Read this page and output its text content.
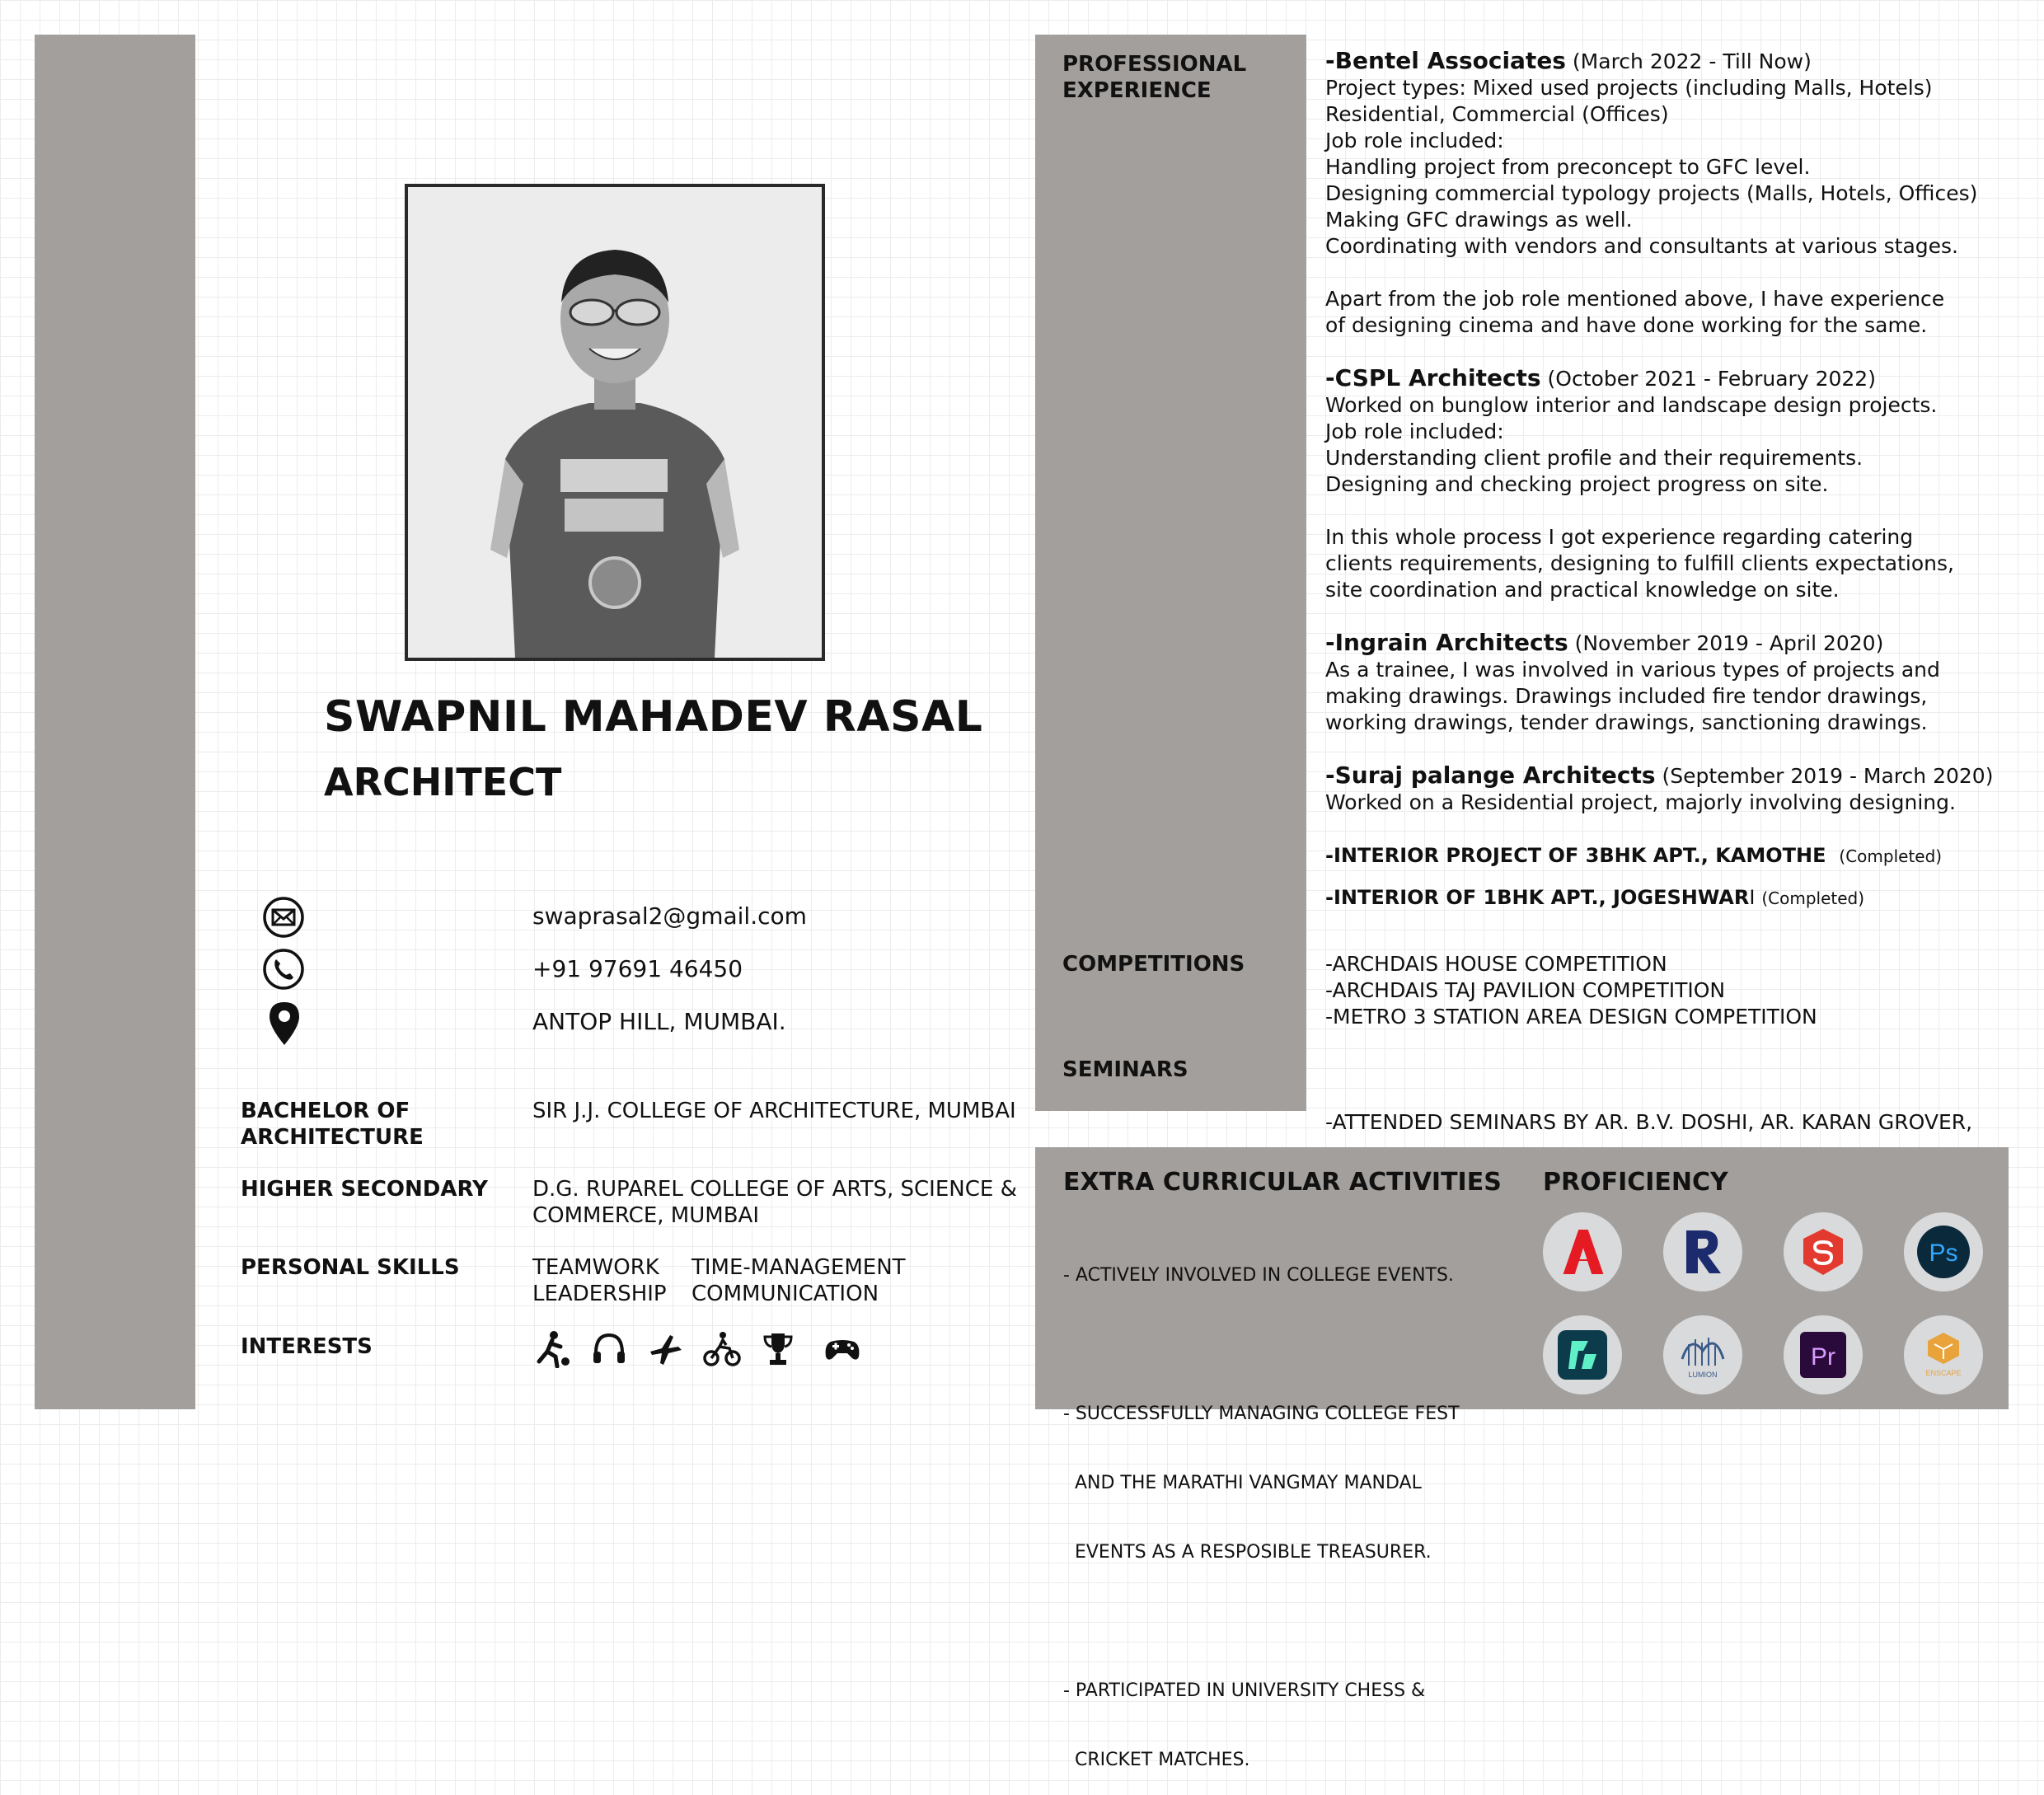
SWAPNIL MAHADEV RASAL
ARCHITECT
swaprasal2@gmail.com
+91 97691 46450
ANTOP HILL, MUMBAI.
BACHELOR OF
ARCHITECTURE
SIR J.J. COLLEGE OF ARCHITECTURE, MUMBAI
HIGHER SECONDARY D.G. RUPAREL COLLEGE OF ARTS, SCIENCE &
COMMERCE, MUMBAI
PERSONAL SKILLS	TEAMWORK
LEADERSHIP
TIME-MANAGEMENT
COMMUNICATION
INTERESTS
PROFESSIONAL
EXPERIENCE
COMPETITIONS
SEMINARS

-Bentel Associates (March 2022 - Till Now)

Project types: Mixed used projects (including Malls, Hotels)

Residential, Commercial (Offices)

Job role included:

Handling project from preconcept to GFC level.

Designing commercial typology projects (Malls, Hotels, Offices)

Making GFC drawings as well.

Coordinating with vendors and consultants at various stages.

Apart from the job role mentioned above, I have experience

of designing cinema and have done working for the same.

-CSPL Architects (October 2021 - February 2022)

Worked on bunglow interior and landscape design projects.

Job role included:

Understanding client profile and their requirements.

Designing and checking project progress on site.

In this whole process I got experience regarding catering

clients requirements, designing to fulfill clients expectations,

site coordination and practical knowledge on site.

-Ingrain Architects (November 2019 - April 2020)

As a trainee, I was involved in various types of projects and

making drawings. Drawings included fire tendor drawings,

working drawings, tender drawings, sanctioning drawings.

-Suraj palange Architects (September 2019 - March 2020)

Worked on a Residential project, majorly involving designing.

-INTERIOR PROJECT OF 3BHK APT., KAMOTHE (Completed)

-INTERIOR OF 1BHK APT., JOGESHWARI (Completed)

-ARCHDAIS HOUSE COMPETITION

-ARCHDAIS TAJ PAVILION COMPETITION

-METRO 3 STATION AREA DESIGN COMPETITION

-ATTENDED SEMINARS BY AR. B.V. DOSHI, AR. KARAN GROVER,

EXTRA CURRICULAR ACTIVITIES

- ACTIVELY INVOLVED IN COLLEGE EVENTS.

- SUCCESSFULLY MANAGING COLLEGE FEST

AND THE MARATHI VANGMAY MANDAL

EVENTS AS A RESPOSIBLE TREASURER.

- PARTICIPATED IN UNIVERSITY CHESS &

CRICKET MATCHES.

PROFICIENCY
Ps
LUMION
Pr
ENSCAPE
